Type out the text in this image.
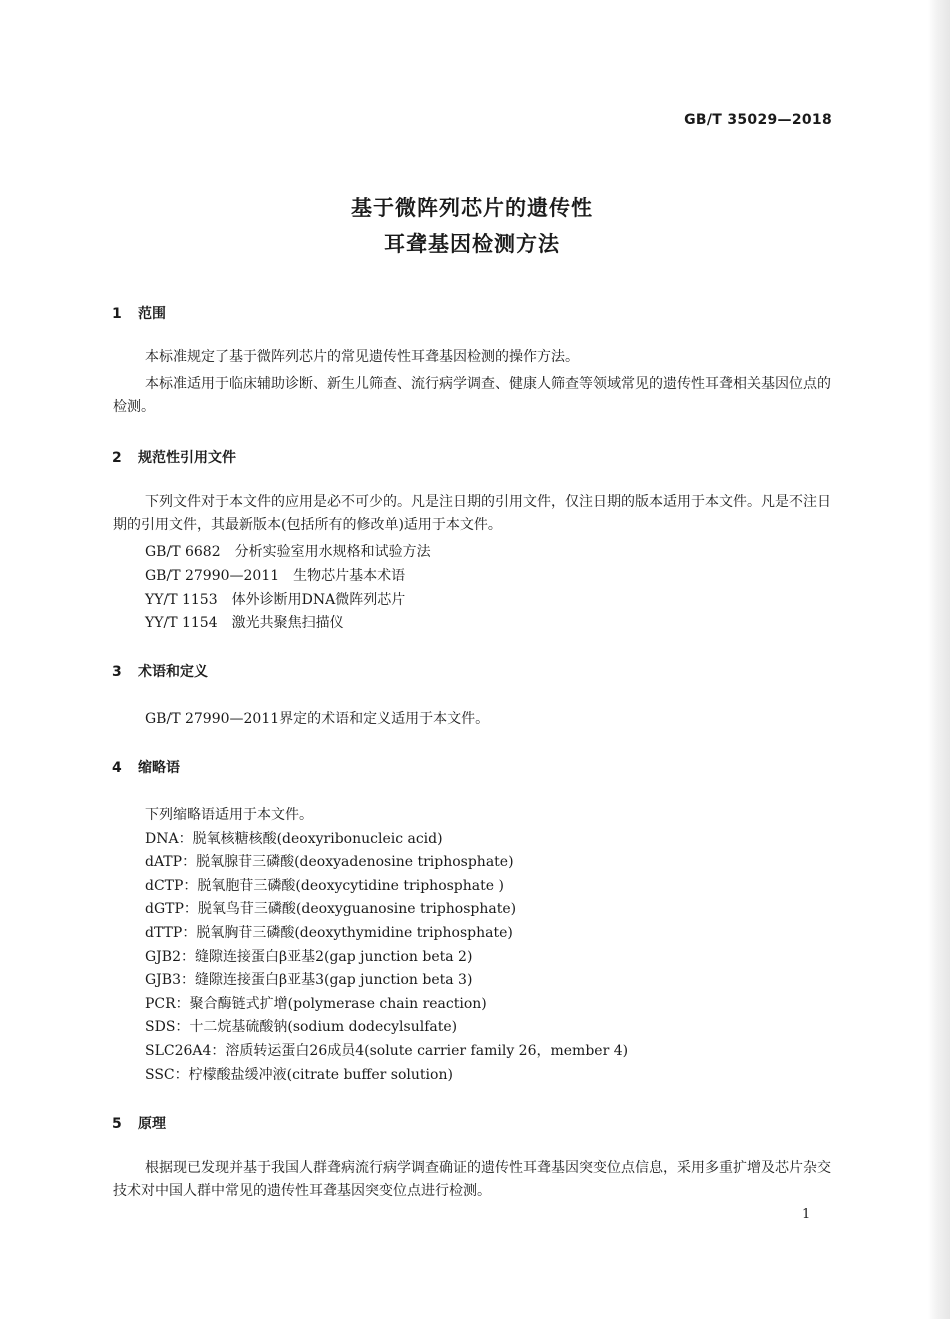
GB/T 35029—2018
基于微阵列芯片的遗传性
耳聋基因检测方法
1 范围
本标准规定了基于微阵列芯片的常见遗传性耳聋基因检测的操作方法。
本标准适用于临床辅助诊断、新生儿筛查、流行病学调查、健康人筛查等领域常见的遗传性耳聋相关基因位点的检测。
2 规范性引用文件
下列文件对于本文件的应用是必不可少的。凡是注日期的引用文件，仅注日期的版本适用于本文件。凡是不注日期的引用文件，其最新版本(包括所有的修改单)适用于本文件。
GB/T 6682 分析实验室用水规格和试验方法
GB/T 27990—2011 生物芯片基本术语
YY/T 1153 体外诊断用DNA微阵列芯片
YY/T 1154 激光共聚焦扫描仪
3 术语和定义
GB/T 27990—2011界定的术语和定义适用于本文件。
4 缩略语
下列缩略语适用于本文件。
DNA：脱氧核糖核酸(deoxyribonucleic acid)
dATP：脱氧腺苷三磷酸(deoxyadenosine triphosphate)
dCTP：脱氧胞苷三磷酸(deoxycytidine triphosphate )
dGTP：脱氧鸟苷三磷酸(deoxyguanosine triphosphate)
dTTP：脱氧胸苷三磷酸(deoxythymidine triphosphate)
GJB2：缝隙连接蛋白β亚基2(gap junction beta 2)
GJB3：缝隙连接蛋白β亚基3(gap junction beta 3)
PCR：聚合酶链式扩增(polymerase chain reaction)
SDS：十二烷基硫酸钠(sodium dodecylsulfate)
SLC26A4：溶质转运蛋白26成员4(solute carrier family 26，member 4)
SSC：柠檬酸盐缓冲液(citrate buffer solution)
5 原理
根据现已发现并基于我国人群聋病流行病学调查确证的遗传性耳聋基因突变位点信息，采用多重扩增及芯片杂交技术对中国人群中常见的遗传性耳聋基因突变位点进行检测。
1
